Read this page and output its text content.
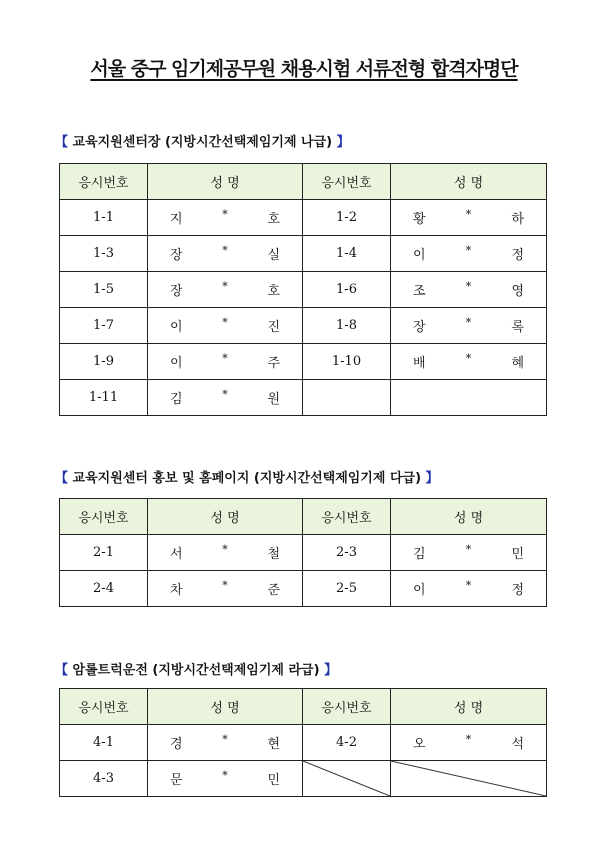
서울 중구 임기제공무원 채용시험 서류전형 합격자명단
【 교육지원센터장 (지방시간선택제임기제 나급) 】
응시번호	성 명	응시번호	성 명
1-1	지 * 호	1-2	황 * 하

1-3	장 * 실	1-4	이 * 정

1-5	장 * 호	1-6	조 * 영

1-7	이 * 진	1-8	장 * 록

1-9	이 * 주	1-10	배 * 혜

1-11	김 * 원		

【 교육지원센터 홍보 및 홈페이지 (지방시간선택제임기제 다급) 】
응시번호	성 명	응시번호	성 명
2-1	서 * 철	2-3	김 * 민

2-4	차 * 준	2-5	이 * 정
【 암롤트럭운전 (지방시간선택제임기제 라급) 】
응시번호	성 명	응시번호	성 명
4-1	경 * 현	4-2	오 * 석

4-3	문 * 민
